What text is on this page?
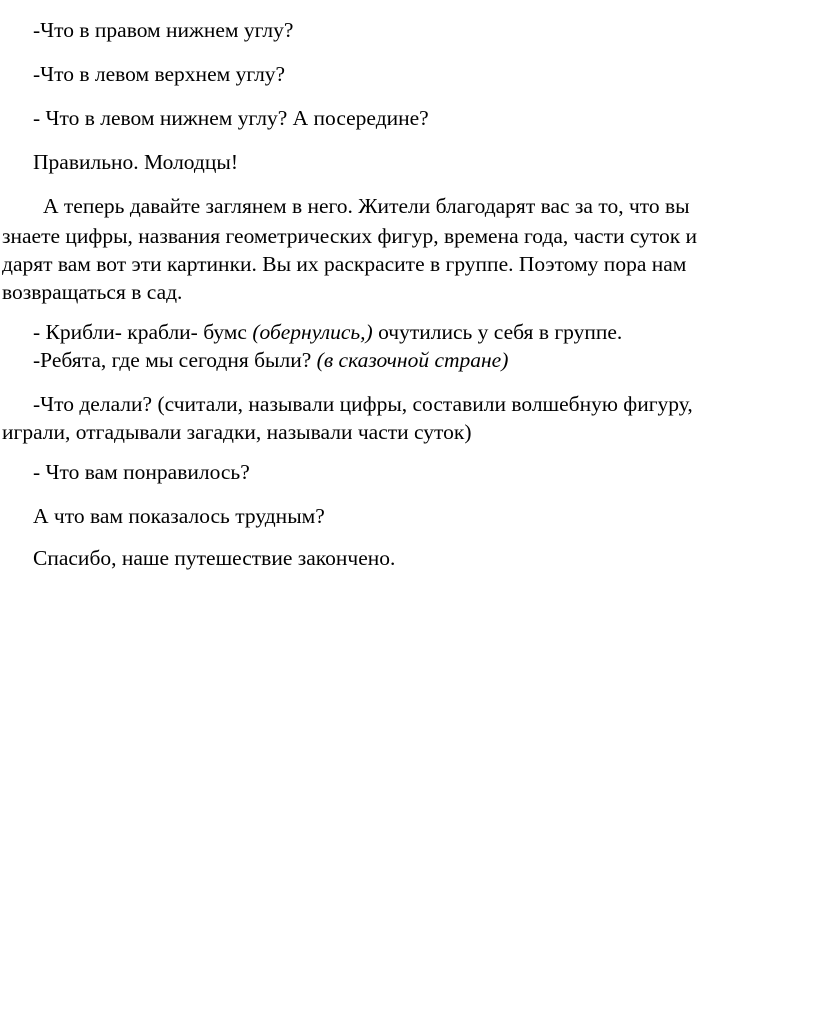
-Что в правом нижнем углу?
-Что в левом верхнем углу?
- Что в левом нижнем углу? А посередине?
Правильно. Молодцы!
А теперь давайте заглянем в него. Жители благодарят вас за то, что вы
знаете цифры, названия геометрических фигур, времена года, части суток и
дарят вам вот эти картинки. Вы их раскрасите в группе. Поэтому пора нам
возвращаться в сад.
- Крибли- крабли- бумс (обернулись,) очутились у себя в группе.
-Ребята, где мы сегодня были? (в сказочной стране)
-Что делали? (считали, называли цифры, составили волшебную фигуру,
играли, отгадывали загадки, называли части суток)
- Что вам понравилось?
А что вам показалось трудным?
Спасибо, наше путешествие закончено.
